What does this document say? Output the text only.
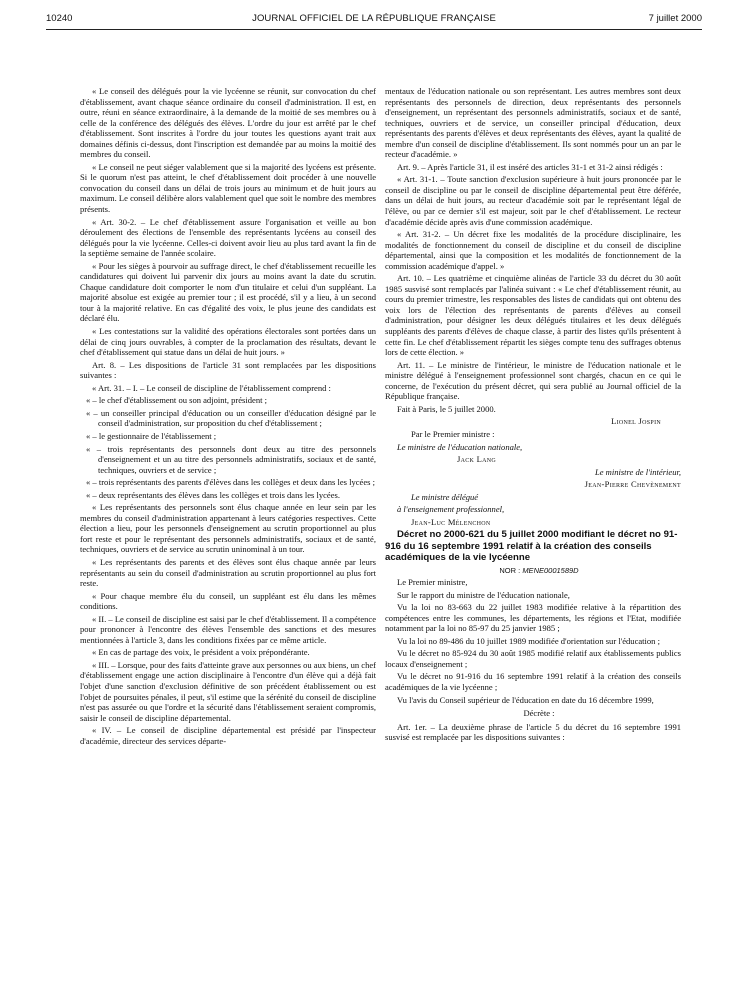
10240	JOURNAL OFFICIEL DE LA RÉPUBLIQUE FRANÇAISE	7 juillet 2000

« Le conseil des délégués pour la vie lycéenne se réunit, sur convocation du chef d'établissement, avant chaque séance ordinaire du conseil d'administration. Il est, en outre, réuni en séance extraordinaire, à la demande de la moitié de ses membres ou à celle de la conférence des délégués des élèves. L'ordre du jour est arrêté par le chef d'établissement. Sont inscrites à l'ordre du jour toutes les questions ayant trait aux domaines définis ci-dessus, dont l'inscription est demandée par au moins la moitié des membres du conseil.

« Le conseil ne peut siéger valablement que si la majorité des lycéens est présente. Si le quorum n'est pas atteint, le chef d'établissement doit procéder à une nouvelle convocation du conseil dans un délai de trois jours au minimum et de huit jours au maximum. Le conseil délibère alors valablement quel que soit le nombre des membres présents.

« Art. 30-2. – Le chef d'établissement assure l'organisation et veille au bon déroulement des élections de l'ensemble des représentants lycéens au conseil des délégués pour la vie lycéenne. Celles-ci doivent avoir lieu au plus tard avant la fin de la septième semaine de l'année scolaire.

« Pour les sièges à pourvoir au suffrage direct, le chef d'établissement recueille les candidatures qui doivent lui parvenir dix jours au moins avant la date du scrutin. Chaque candidature doit comporter le nom d'un titulaire et celui d'un suppléant. La majorité absolue est exigée au premier tour ; il est procédé, s'il y a lieu, à un second tour à la majorité relative. En cas d'égalité des voix, le plus jeune des candidats est déclaré élu.

« Les contestations sur la validité des opérations électorales sont portées dans un délai de cinq jours ouvrables, à compter de la proclamation des résultats, devant le chef d'établissement qui statue dans un délai de huit jours. »

Art. 8. – Les dispositions de l'article 31 sont remplacées par les dispositions suivantes :

« Art. 31. – I. – Le conseil de discipline de l'établissement comprend :

« – le chef d'établissement ou son adjoint, président ;

« – un conseiller principal d'éducation ou un conseiller d'éducation désigné par le conseil d'administration, sur proposition du chef d'établissement ;

« – le gestionnaire de l'établissement ;

« – trois représentants des personnels dont deux au titre des personnels d'enseignement et un au titre des personnels administratifs, sociaux et de santé, techniques, ouvriers et de service ;

« – trois représentants des parents d'élèves dans les collèges et deux dans les lycées ;

« – deux représentants des élèves dans les collèges et trois dans les lycées.

« Les représentants des personnels sont élus chaque année en leur sein par les membres du conseil d'administration appartenant à leurs catégories respectives. Cette élection a lieu, pour les personnels d'enseignement au scrutin proportionnel au plus fort reste et pour le représentant des personnels administratifs, sociaux et de santé, techniques, ouvriers et de service au scrutin uninominal à un tour.

« Les représentants des parents et des élèves sont élus chaque année par leurs représentants au sein du conseil d'administration au scrutin proportionnel au plus fort reste.

« Pour chaque membre élu du conseil, un suppléant est élu dans les mêmes conditions.

« II. – Le conseil de discipline est saisi par le chef d'établissement. Il a compétence pour prononcer à l'encontre des élèves l'ensemble des sanctions et des mesures mentionnées à l'article 3, dans les conditions fixées par ce même article.

« En cas de partage des voix, le président a voix prépondérante.

« III. – Lorsque, pour des faits d'atteinte grave aux personnes ou aux biens, un chef d'établissement engage une action disciplinaire à l'encontre d'un élève qui a déjà fait l'objet d'une sanction d'exclusion définitive de son précédent établissement ou est l'objet de poursuites pénales, il peut, s'il estime que la sérénité du conseil de discipline n'est pas assurée ou que l'ordre et la sécurité dans l'établissement seraient compromis, saisir le conseil de discipline départemental.

« IV. – Le conseil de discipline départemental est présidé par l'inspecteur d'académie, directeur des services départe-

mentaux de l'éducation nationale ou son représentant. Les autres membres sont deux représentants des personnels de direction, deux représentants des personnels d'enseignement, un représentant des personnels administratifs, sociaux et de santé, techniques, ouvriers et de service, un conseiller principal d'éducation, deux représentants des parents d'élèves et deux représentants des élèves, ayant la qualité de membre d'un conseil de discipline d'établissement. Ils sont nommés pour un an par le recteur d'académie. »

Art. 9. – Après l'article 31, il est inséré des articles 31-1 et 31-2 ainsi rédigés :

« Art. 31-1. – Toute sanction d'exclusion supérieure à huit jours prononcée par le conseil de discipline ou par le conseil de discipline départemental peut être déférée, dans un délai de huit jours, au recteur d'académie soit par le représentant légal de l'élève, ou par ce dernier s'il est majeur, soit par le chef d'établissement. Le recteur d'académie décide après avis d'une commission académique.

« Art. 31-2. – Un décret fixe les modalités de la procédure disciplinaire, les modalités de fonctionnement du conseil de discipline et du conseil de discipline départemental, ainsi que la composition et les modalités de fonctionnement de la commission académique d'appel. »

Art. 10. – Les quatrième et cinquième alinéas de l'article 33 du décret du 30 août 1985 susvisé sont remplacés par l'alinéa suivant : « Le chef d'établissement réunit, au cours du premier trimestre, les responsables des listes de candidats qui ont obtenu des voix lors de l'élection des représentants de parents d'élèves au conseil d'administration, pour désigner les deux délégués titulaires et les deux délégués suppléants des parents d'élèves de chaque classe, à partir des listes qu'ils présentent à cette fin. Le chef d'établissement répartit les sièges compte tenu des suffrages obtenus lors de cette élection. »

Art. 11. – Le ministre de l'intérieur, le ministre de l'éducation nationale et le ministre délégué à l'enseignement professionnel sont chargés, chacun en ce qui le concerne, de l'exécution du présent décret, qui sera publié au Journal officiel de la République française.

Fait à Paris, le 5 juillet 2000.

Lionel Jospin

Par le Premier ministre :

Le ministre de l'éducation nationale,

Jack Lang

Le ministre de l'intérieur,

Jean-Pierre Chevènement

Le ministre délégué

à l'enseignement professionnel,

Jean-Luc Mélenchon

Décret no 2000-621 du 5 juillet 2000 modifiant le décret no 91-916 du 16 septembre 1991 relatif à la création des conseils académiques de la vie lycéenne

NOR : MENE0001589D

Le Premier ministre,

Sur le rapport du ministre de l'éducation nationale,

Vu la loi no 83-663 du 22 juillet 1983 modifiée relative à la répartition des compétences entre les communes, les départements, les régions et l'Etat, modifiée notamment par la loi no 85-97 du 25 janvier 1985 ;

Vu la loi no 89-486 du 10 juillet 1989 modifiée d'orientation sur l'éducation ;

Vu le décret no 85-924 du 30 août 1985 modifié relatif aux établissements publics locaux d'enseignement ;

Vu le décret no 91-916 du 16 septembre 1991 relatif à la création des conseils académiques de la vie lycéenne ;

Vu l'avis du Conseil supérieur de l'éducation en date du 16 décembre 1999,

Décrète :

Art. 1er. – La deuxième phrase de l'article 5 du décret du 16 septembre 1991 susvisé est remplacée par les dispositions suivantes :
